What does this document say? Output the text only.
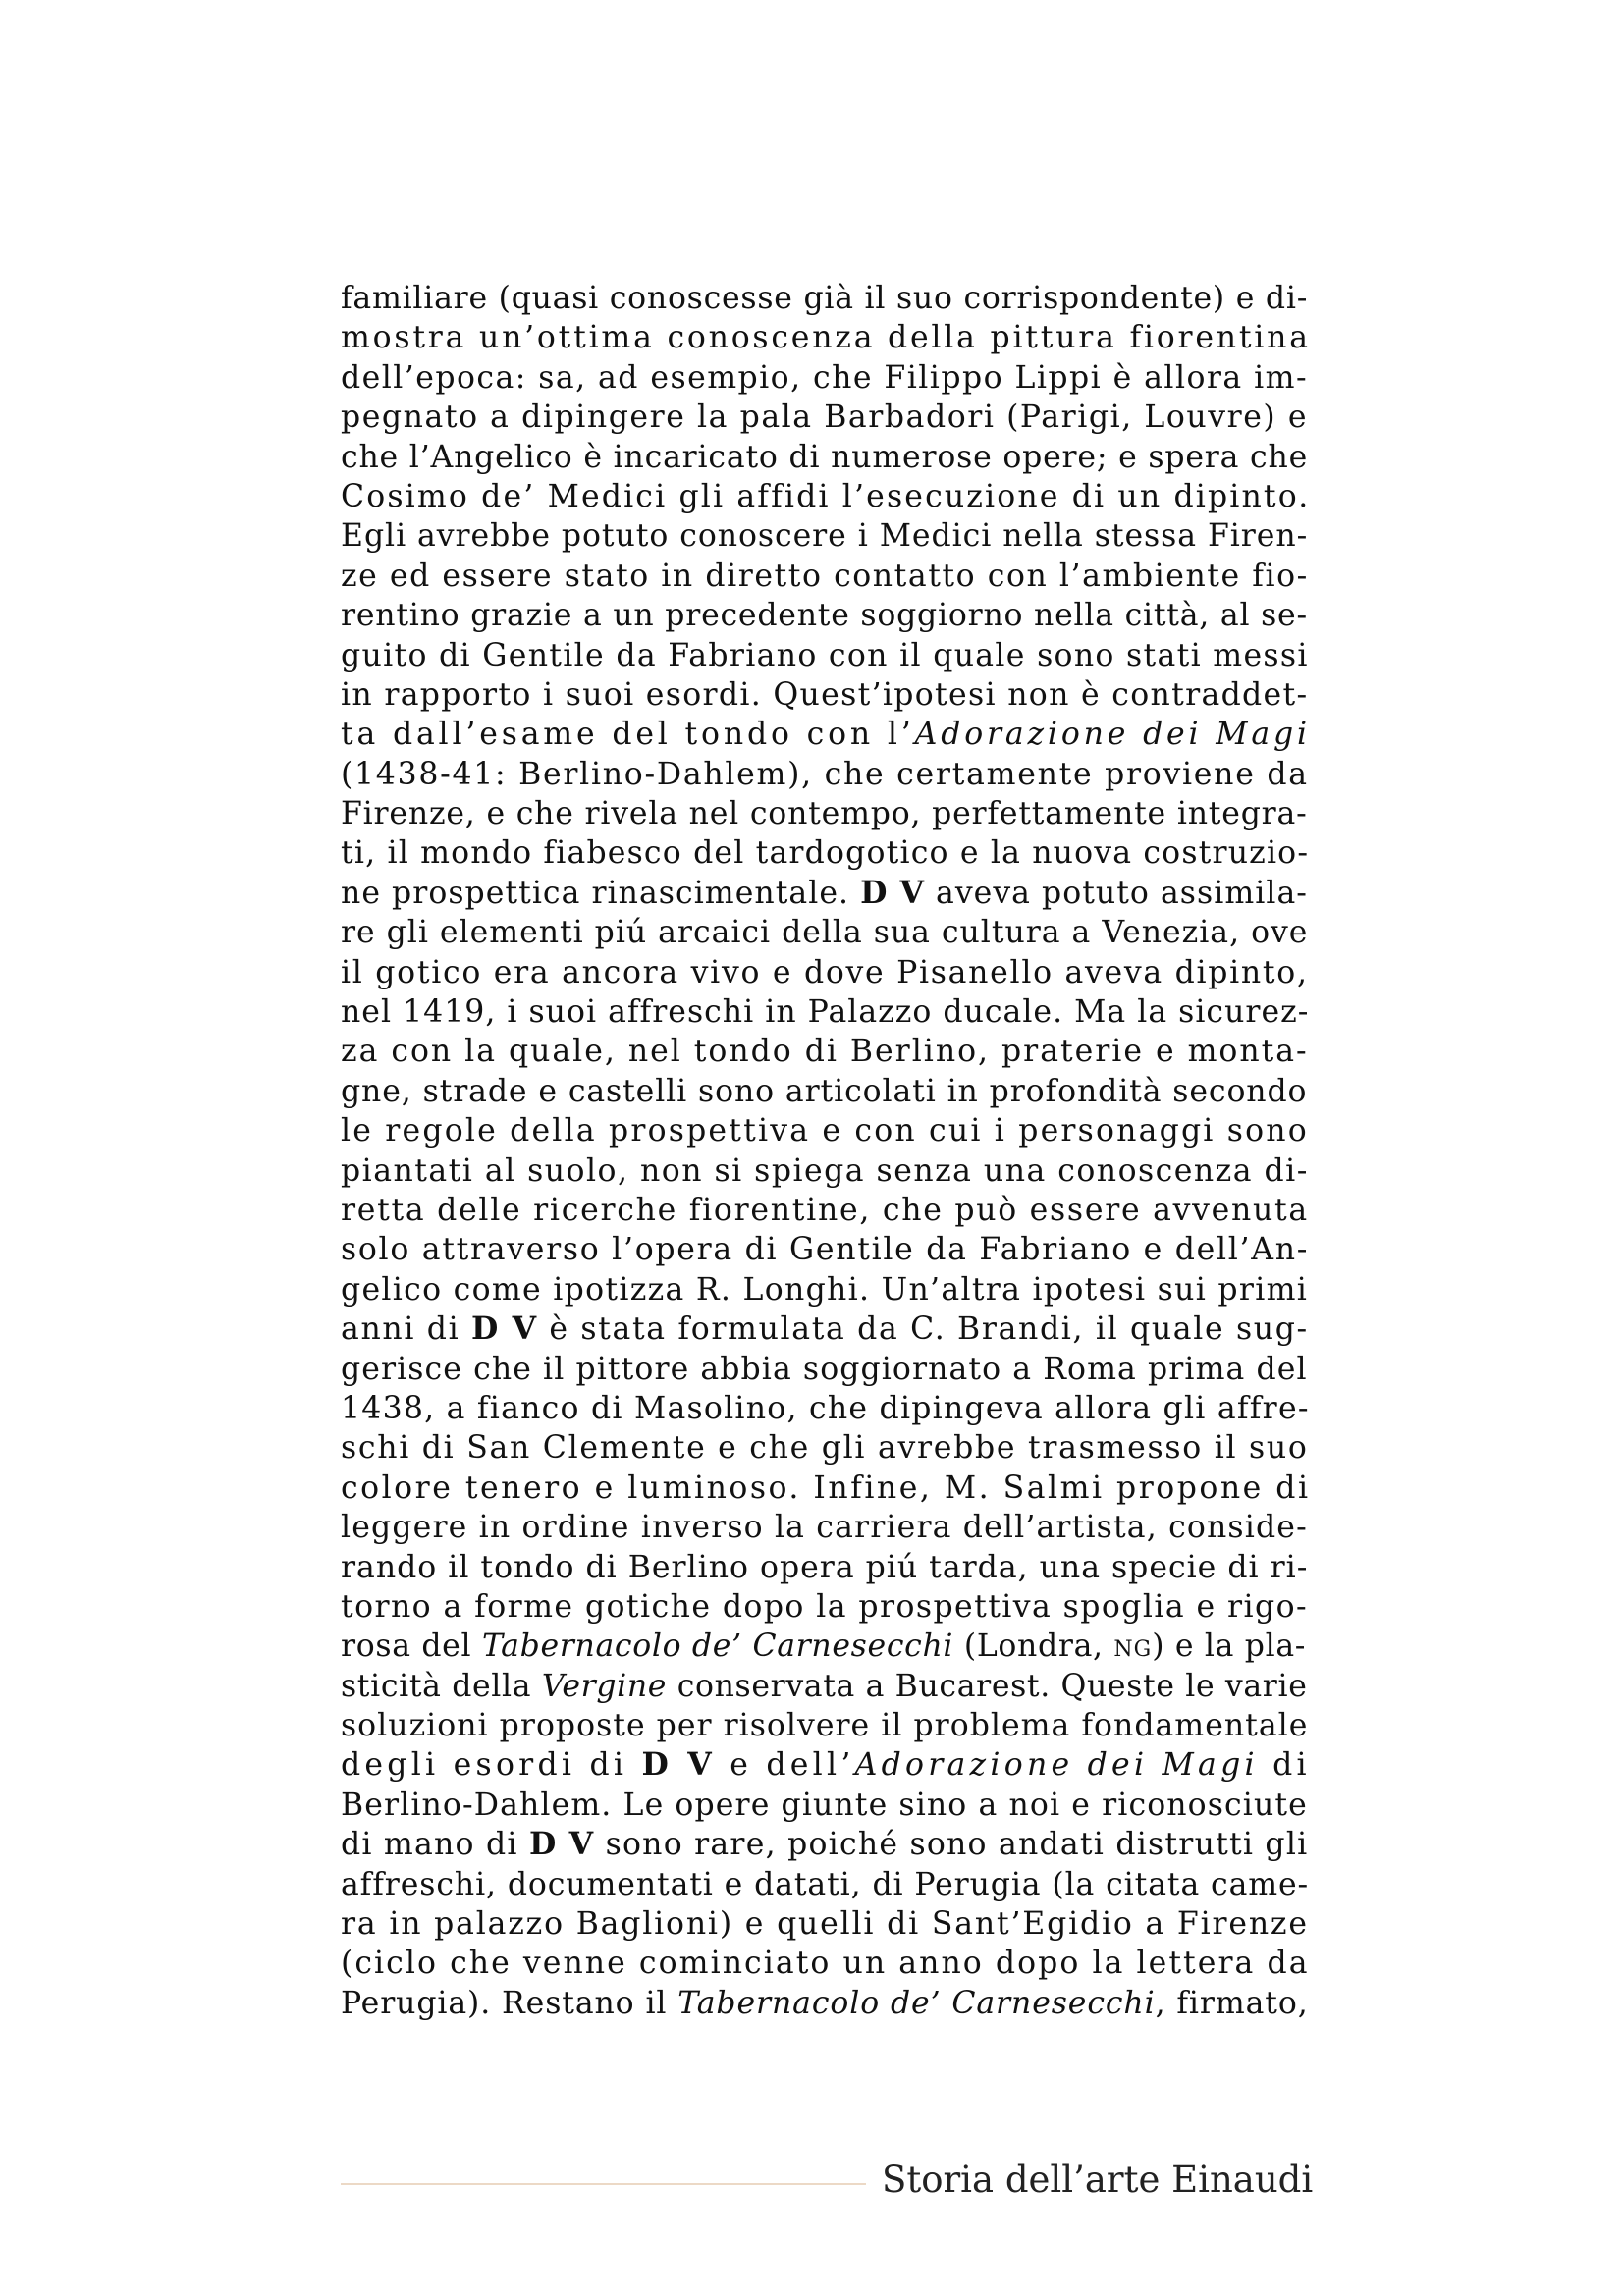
familiare (quasi conoscesse già il suo corrispondente) e di-
mostra un’ottima conoscenza della pittura fiorentina
dell’epoca: sa, ad esempio, che Filippo Lippi è allora im-
pegnato a dipingere la pala Barbadori (Parigi, Louvre) e
che l’Angelico è incaricato di numerose opere; e spera che
Cosimo de’ Medici gli affidi l’esecuzione di un dipinto.
Egli avrebbe potuto conoscere i Medici nella stessa Firen-
ze ed essere stato in diretto contatto con l’ambiente fio-
rentino grazie a un precedente soggiorno nella città, al se-
guito di Gentile da Fabriano con il quale sono stati messi
in rapporto i suoi esordi. Quest’ipotesi non è contraddet-
ta dall’esame del tondo con l’Adorazione dei Magi
(1438-41: Berlino-Dahlem), che certamente proviene da
Firenze, e che rivela nel contempo, perfettamente integra-
ti, il mondo fiabesco del tardogotico e la nuova costruzio-
ne prospettica rinascimentale. D V aveva potuto assimila-
re gli elementi piú arcaici della sua cultura a Venezia, ove
il gotico era ancora vivo e dove Pisanello aveva dipinto,
nel 1419, i suoi affreschi in Palazzo ducale. Ma la sicurez-
za con la quale, nel tondo di Berlino, praterie e monta-
gne, strade e castelli sono articolati in profondità secondo
le regole della prospettiva e con cui i personaggi sono
piantati al suolo, non si spiega senza una conoscenza di-
retta delle ricerche fiorentine, che può essere avvenuta
solo attraverso l’opera di Gentile da Fabriano e dell’An-
gelico come ipotizza R. Longhi. Un’altra ipotesi sui primi
anni di D V è stata formulata da C. Brandi, il quale sug-
gerisce che il pittore abbia soggiornato a Roma prima del
1438, a fianco di Masolino, che dipingeva allora gli affre-
schi di San Clemente e che gli avrebbe trasmesso il suo
colore tenero e luminoso. Infine, M. Salmi propone di
leggere in ordine inverso la carriera dell’artista, conside-
rando il tondo di Berlino opera piú tarda, una specie di ri-
torno a forme gotiche dopo la prospettiva spoglia e rigo-
rosa del Tabernacolo de’ Carnesecchi (Londra, NG) e la pla-
sticità della Vergine conservata a Bucarest. Queste le varie
soluzioni proposte per risolvere il problema fondamentale
degli esordi di D V e dell’Adorazione dei Magi di
Berlino-Dahlem. Le opere giunte sino a noi e riconosciute
di mano di D V sono rare, poiché sono andati distrutti gli
affreschi, documentati e datati, di Perugia (la citata came-
ra in palazzo Baglioni) e quelli di Sant’Egidio a Firenze
(ciclo che venne cominciato un anno dopo la lettera da
Perugia). Restano il Tabernacolo de’ Carnesecchi, firmato,
Storia dell’arte Einaudi
